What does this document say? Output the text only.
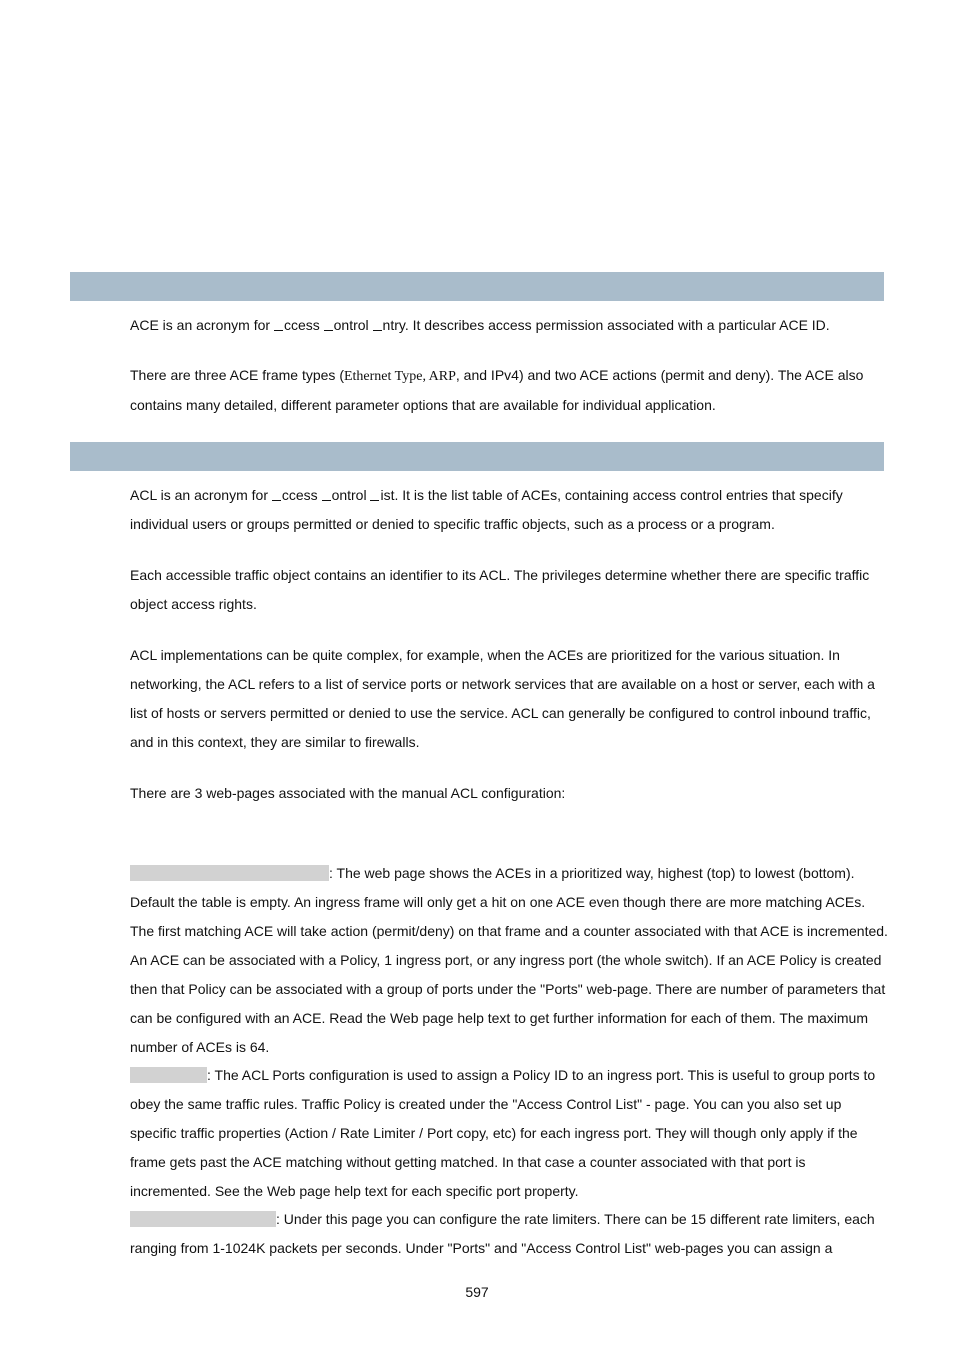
ACE is an acronym for ccess ontrol ntry. It describes access permission associated with a particular ACE ID.

There are three ACE frame types (Ethernet Type, ARP, and IPv4) and two ACE actions (permit and deny). The ACE also contains many detailed, different parameter options that are available for individual application.

ACL is an acronym for ccess ontrol ist. It is the list table of ACEs, containing access control entries that specify individual users or groups permitted or denied to specific traffic objects, such as a process or a program.

Each accessible traffic object contains an identifier to its ACL. The privileges determine whether there are specific traffic object access rights.

ACL implementations can be quite complex, for example, when the ACEs are prioritized for the various situation. In networking, the ACL refers to a list of service ports or network services that are available on a host or server, each with a list of hosts or servers permitted or denied to use the service. ACL can generally be configured to control inbound traffic, and in this context, they are similar to firewalls.

There are 3 web-pages associated with the manual ACL configuration:

: The web page shows the ACEs in a prioritized way, highest (top) to lowest (bottom). Default the table is empty. An ingress frame will only get a hit on one ACE even though there are more matching ACEs. The first matching ACE will take action (permit/deny) on that frame and a counter associated with that ACE is incremented. An ACE can be associated with a Policy, 1 ingress port, or any ingress port (the whole switch). If an ACE Policy is created then that Policy can be associated with a group of ports under the "Ports" web-page. There are number of parameters that can be configured with an ACE. Read the Web page help text to get further information for each of them. The maximum number of ACEs is 64.

: The ACL Ports configuration is used to assign a Policy ID to an ingress port. This is useful to group ports to obey the same traffic rules. Traffic Policy is created under the "Access Control List" - page. You can you also set up specific traffic properties (Action / Rate Limiter / Port copy, etc) for each ingress port. They will though only apply if the frame gets past the ACE matching without getting matched. In that case a counter associated with that port is incremented. See the Web page help text for each specific port property.

: Under this page you can configure the rate limiters. There can be 15 different rate limiters, each ranging from 1-1024K packets per seconds. Under "Ports" and "Access Control List" web-pages you can assign a

597
